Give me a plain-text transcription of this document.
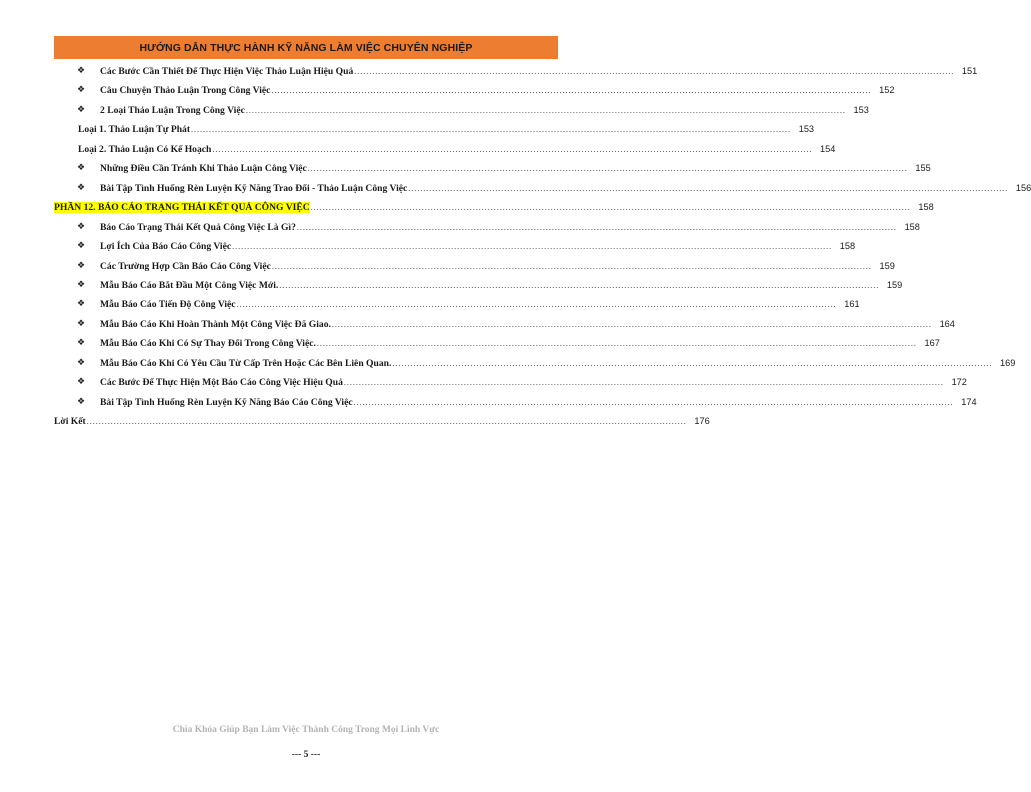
HƯỚNG DẪN THỰC HÀNH KỸ NĂNG LÀM VIỆC CHUYÊN NGHIỆP
❖ Các Bước Cần Thiết Để Thực Hiện Việc Thảo Luận Hiệu Quả ........................................................................................................................................................................................................ 151
❖ Câu Chuyện Thảo Luận Trong Công Việc ........................................................................................................................................................................................................ 152
❖ 2 Loại Thảo Luận Trong Công Việc ........................................................................................................................................................................................................ 153
Loại 1. Thảo Luận Tự Phát ........................................................................................................................................................................................................ 153
Loại 2. Thảo Luận Có Kế Hoạch ........................................................................................................................................................................................................ 154
❖ Những Điều Cần Tránh Khi Thảo Luận Công Việc ........................................................................................................................................................................................................ 155
❖ Bài Tập Tình Huống Rèn Luyện Kỹ Năng Trao Đổi - Thảo Luận Công Việc ........................................................................................................................................................................................................ 156
PHẦN 12. BÁO CÁO TRẠNG THÁI KẾT QUẢ CÔNG VIỆC ........................................................................................................................................................................................................ 158
❖ Báo Cáo Trạng Thái Kết Quả Công Việc Là Gì? ........................................................................................................................................................................................................ 158
❖ Lợi Ích Của Báo Cáo Công Việc ........................................................................................................................................................................................................ 158
❖ Các Trường Hợp Cần Báo Cáo Công Việc ........................................................................................................................................................................................................ 159
❖ Mẫu Báo Cáo Bắt Đầu Một Công Việc Mới. ........................................................................................................................................................................................................ 159
❖ Mẫu Báo Cáo Tiến Độ Công Việc ........................................................................................................................................................................................................ 161
❖ Mẫu Báo Cáo Khi Hoàn Thành Một Công Việc Đã Giao. ........................................................................................................................................................................................................ 164
❖ Mẫu Báo Cáo Khi Có Sự Thay Đổi Trong Công Việc. ........................................................................................................................................................................................................ 167
❖ Mẫu Báo Cáo Khi Có Yêu Cầu Từ Cấp Trên Hoặc Các Bên Liên Quan. ........................................................................................................................................................................................................ 169
❖ Các Bước Để Thực Hiện Một Báo Cáo Công Việc Hiệu Quả ........................................................................................................................................................................................................ 172
❖ Bài Tập Tình Huống Rèn Luyện Kỹ Năng Báo Cáo Công Việc ........................................................................................................................................................................................................ 174
Lời Kết ........................................................................................................................................................................................................ 176
Chìa Khóa Giúp Bạn Làm Việc Thành Công Trong Mọi Lĩnh Vực
--- 5 ---
